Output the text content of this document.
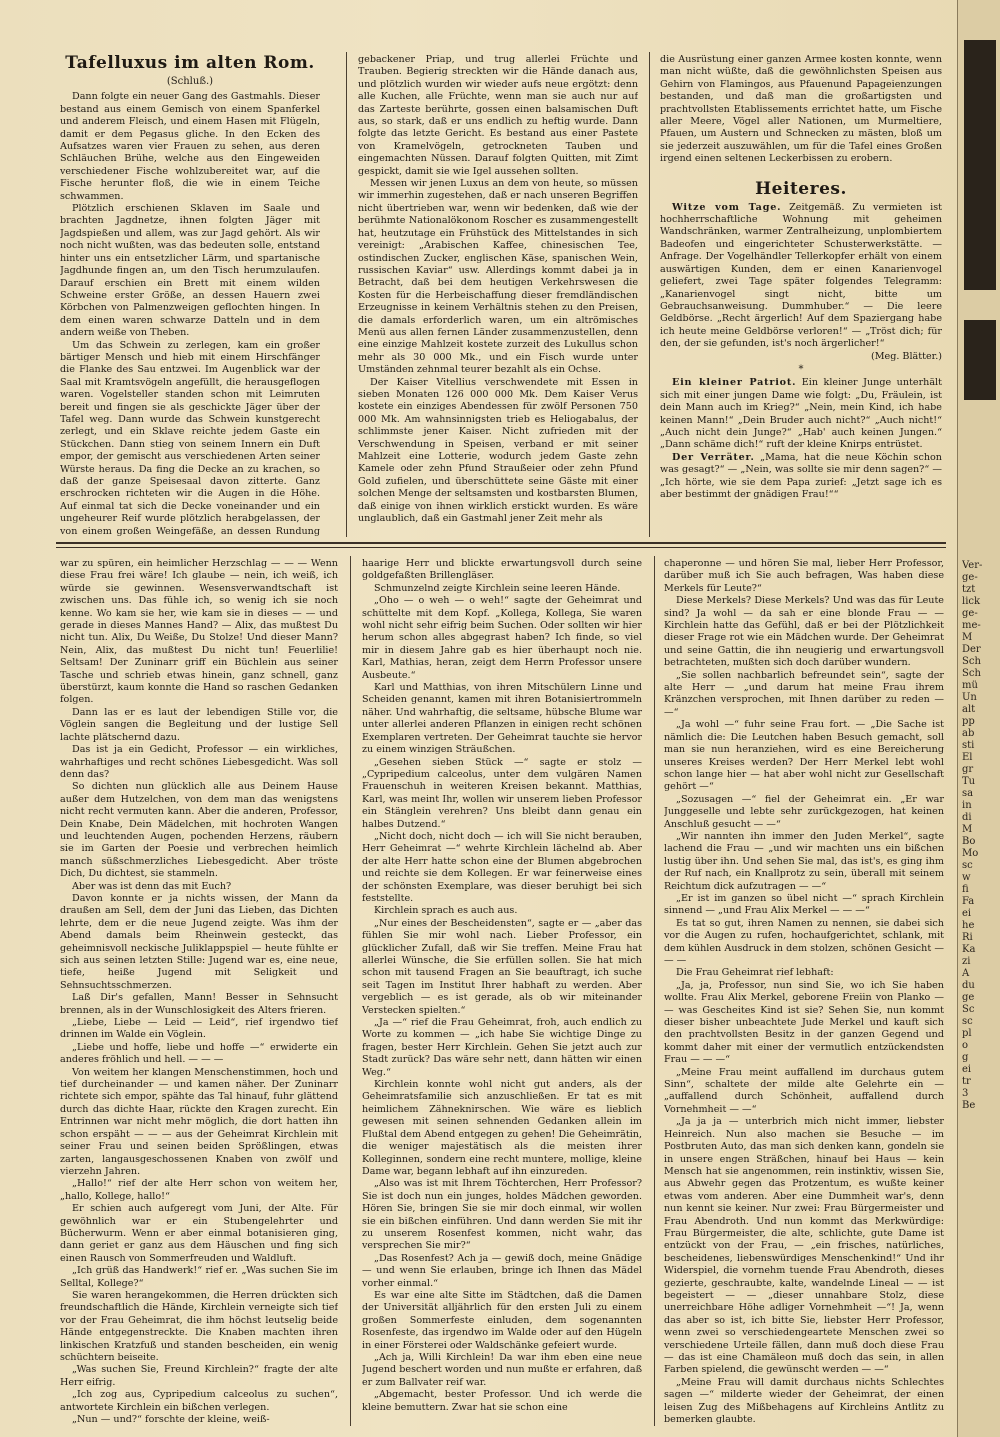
Tafelluxus im alten Rom.
(Schluß.)

Dann folgte ein neuer Gang des Gastmahls. Dieser bestand aus einem Gemisch von einem Spanferkel und anderem Fleisch, und einem Hasen mit Flügeln, damit er dem Pegasus gliche. In den Ecken des Aufsatzes waren vier Frauen zu sehen, aus deren Schläuchen Brühe, welche aus den Eingeweiden verschiedener Fische wohlzubereitet war, auf die Fische herunter floß, die wie in einem Teiche schwammen.

Plötzlich erschienen Sklaven im Saale und brachten Jagdnetze, ihnen folgten Jäger mit Jagdspießen und allem, was zur Jagd gehört. Als wir noch nicht wußten, was das bedeuten solle, entstand hinter uns ein entsetzlicher Lärm, und spartanische Jagdhunde fingen an, um den Tisch herumzulaufen. Darauf erschien ein Brett mit einem wilden Schweine erster Größe, an dessen Hauern zwei Körbchen von Palmenzweigen geflochten hingen. In dem einen waren schwarze Datteln und in dem andern weiße von Theben.

Um das Schwein zu zerlegen, kam ein großer bärtiger Mensch und hieb mit einem Hirschfänger die Flanke des Sau entzwei. Im Augenblick war der Saal mit Kramtsvögeln angefüllt, die herausgeflogen waren. Vogelsteller standen schon mit Leimruten bereit und fingen sie als geschickte Jäger über der Tafel weg. Dann wurde das Schwein kunstgerecht zerlegt, und ein Sklave reichte jedem Gaste ein Stückchen. Dann stieg von seinem Innern ein Duft empor, der gemischt aus verschiedenen Arten seiner Würste heraus. Da fing die Decke an zu krachen, so daß der ganze Speisesaal davon zitterte. Ganz erschrocken richteten wir die Augen in die Höhe. Auf einmal tat sich die Decke voneinander und ein ungeheurer Reif wurde plötzlich herabgelassen, der von einem großen Weingefäße, an dessen Rundung

gebackener Priap, und trug allerlei Früchte und Trauben. Begierig streckten wir die Hände danach aus, und plötzlich wurden wir wieder aufs neue ergötzt: denn alle Kuchen, alle Früchte, wenn man sie auch nur auf das Zarteste berührte, gossen einen balsamischen Duft aus, so stark, daß er uns endlich zu heftig wurde. Dann folgte das letzte Gericht. Es bestand aus einer Pastete von Kramelvögeln, getrockneten Tauben und eingemachten Nüssen. Darauf folgten Quitten, mit Zimt gespickt, damit sie wie Igel aussehen sollten.

Messen wir jenen Luxus an dem von heute, so müssen wir immerhin zugestehen, daß er nach unseren Begriffen nicht übertrieben war, wenn wir bedenken, daß wie der berühmte Nationalökonom Roscher es zusammengestellt hat, heutzutage ein Frühstück des Mittelstandes in sich vereinigt: „Arabischen Kaffee, chinesischen Tee, ostindischen Zucker, englischen Käse, spanischen Wein, russischen Kaviar“ usw. Allerdings kommt dabei ja in Betracht, daß bei dem heutigen Verkehrswesen die Kosten für die Herbeischaffung dieser fremdländischen Erzeugnisse in keinem Verhältnis stehen zu den Preisen, die damals erforderlich waren, um ein altrömisches Menü aus allen fernen Länder zusammenzustellen, denn eine einzige Mahlzeit kostete zurzeit des Lukullus schon mehr als 30 000 Mk., und ein Fisch wurde unter Umständen zehnmal teurer bezahlt als ein Ochse.

Der Kaiser Vitellius verschwendete mit Essen in sieben Monaten 126 000 000 Mk. Dem Kaiser Verus kostete ein einziges Abendessen für zwölf Personen 750 000 Mk. Am wahnsinnigsten trieb es Heliogabalus, der schlimmste jener Kaiser. Nicht zufrieden mit der Verschwendung in Speisen, verband er mit seiner Mahlzeit eine Lotterie, wodurch jedem Gaste zehn Kamele oder zehn Pfund Straußeier oder zehn Pfund Gold zufielen, und überschüttete seine Gäste mit einer solchen Menge der seltsamsten und kostbarsten Blumen, daß einige von ihnen wirklich erstickt wurden. Es wäre unglaublich, daß ein Gastmahl jener Zeit mehr als

die Ausrüstung einer ganzen Armee kosten konnte, wenn man nicht wüßte, daß die gewöhnlichsten Speisen aus Gehirn von Flamingos, aus Pfauenund Papageienzungen bestanden, und daß man die großartigsten und prachtvollsten Etablissements errichtet hatte, um Fische aller Meere, Vögel aller Nationen, um Murmeltiere, Pfauen, um Austern und Schnecken zu mästen, bloß um sie jederzeit auszuwählen, um für die Tafel eines Großen irgend einen seltenen Leckerbissen zu erobern.

Heiteres.

Witze vom Tage. Zeitgemäß. Zu vermieten ist hochherrschaftliche Wohnung mit geheimen Wandschränken, warmer Zentralheizung, unplombiertem Badeofen und eingerichteter Schusterwerkstätte. — Anfrage. Der Vogelhändler Tellerkopfer erhält von einem auswärtigen Kunden, dem er einen Kanarienvogel geliefert, zwei Tage später folgendes Telegramm: „Kanarienvogel singt nicht, bitte um Gebrauchsanweisung. Dummhuber.“ — Die leere Geldbörse. „Recht ärgerlich! Auf dem Spaziergang habe ich heute meine Geldbörse verloren!“ — „Tröst dich; für den, der sie gefunden, ist's noch ärgerlicher!“

(Meg. Blätter.)
*

Ein kleiner Patriot. Ein kleiner Junge unterhält sich mit einer jungen Dame wie folgt: „Du, Fräulein, ist dein Mann auch im Krieg?“ „Nein, mein Kind, ich habe keinen Mann!“ „Dein Bruder auch nicht?“ „Auch nicht!“ „Auch nicht dein Junge?“ „Hab' auch keinen Jungen.“ „Dann schäme dich!“ ruft der kleine Knirps entrüstet.

Der Verräter. „Mama, hat die neue Köchin schon was gesagt?“ — „Nein, was sollte sie mir denn sagen?“ — „Ich hörte, wie sie dem Papa zurief: „Jetzt sage ich es aber bestimmt der gnädigen Frau!““

war zu spüren, ein heimlicher Herzschlag — — — Wenn diese Frau frei wäre! Ich glaube — nein, ich weiß, ich würde sie gewinnen. Wesensverwandtschaft ist zwischen uns. Das fühle ich, so wenig ich sie noch kenne. Wo kam sie her, wie kam sie in dieses — — und gerade in dieses Mannes Hand? — Alix, das mußtest Du nicht tun. Alix, Du Weiße, Du Stolze! Und dieser Mann? Nein, Alix, das mußtest Du nicht tun! Feuerlilie! Seltsam! Der Zuninarr griff ein Büchlein aus seiner Tasche und schrieb etwas hinein, ganz schnell, ganz überstürzt, kaum konnte die Hand so raschen Gedanken folgen.

Dann las er es laut der lebendigen Stille vor, die Vöglein sangen die Begleitung und der lustige Sell lachte plätschernd dazu.

Das ist ja ein Gedicht, Professor — ein wirkliches, wahrhaftiges und recht schönes Liebesgedicht. Was soll denn das?

So dichten nun glücklich alle aus Deinem Hause außer dem Hutzelchen, von dem man das wenigstens nicht recht vermuten kann. Aber die anderen, Professor, Dein Knabe, Dein Mädelchen, mit hochroten Wangen und leuchtenden Augen, pochenden Herzens, räubern sie im Garten der Poesie und verbrechen heimlich manch süßschmerzliches Liebesgedicht. Aber tröste Dich, Du dichtest, sie stammeln.

Aber was ist denn das mit Euch?

Davon konnte er ja nichts wissen, der Mann da draußen am Sell, dem der Juni das Lieben, das Dichten lehrte, dem er die neue Jugend zeigte. Was ihm der Abend damals beim Rheinwein gesteckt, das geheimnisvoll neckische Juliklappspiel — heute fühlte er sich aus seinen letzten Stille: Jugend war es, eine neue, tiefe, heiße Jugend mit Seligkeit und Sehnsuchtsschmerzen.

Laß Dir's gefallen, Mann! Besser in Sehnsucht brennen, als in der Wunschlosigkeit des Alters frieren.

„Liebe, Liebe — Leid — Leid“, rief irgendwo tief drinnen im Walde ein Vöglein.

„Liebe und hoffe, liebe und hoffe —“ erwiderte ein anderes fröhlich und hell. — — —

Von weitem her klangen Menschenstimmen, hoch und tief durcheinander — und kamen näher. Der Zuninarr richtete sich empor, spähte das Tal hinauf, fuhr glättend durch das dichte Haar, rückte den Kragen zurecht. Ein Entrinnen war nicht mehr möglich, die dort hatten ihn schon erspäht — — — aus der Geheimrat Kirchlein mit seiner Frau und seinen beiden Sprößlingen, etwas zarten, langausgeschossenen Knaben von zwölf und vierzehn Jahren.

„Hallo!“ rief der alte Herr schon von weitem her, „hallo, Kollege, hallo!“

Er schien auch aufgeregt vom Juni, der Alte. Für gewöhnlich war er ein Stubengelehrter und Bücherwurm. Wenn er aber einmal botanisieren ging, dann geriet er ganz aus dem Häuschen und fing sich einen Rausch von Sommerfreuden und Waldluft.

„Ich grüß das Handwerk!“ rief er. „Was suchen Sie im Selltal, Kollege?“

Sie waren herangekommen, die Herren drückten sich freundschaftlich die Hände, Kirchlein verneigte sich tief vor der Frau Geheimrat, die ihm höchst leutselig beide Hände entgegenstreckte. Die Knaben machten ihren linkischen Kratzfuß und standen bescheiden, ein wenig schüchtern beiseite.

„Was suchen Sie, Freund Kirchlein?“ fragte der alte Herr eifrig.

„Ich zog aus, Cypripedium calceolus zu suchen“, antwortete Kirchlein ein bißchen verlegen.

„Nun — und?“ forschte der kleine, weiß-

haarige Herr und blickte erwartungsvoll durch seine goldgefaßten Brillengläser.

Schmunzelnd zeigte Kirchlein seine leeren Hände.

„Oho — o weh — o weh!“ sagte der Geheimrat und schüttelte mit dem Kopf. „Kollega, Kollega, Sie waren wohl nicht sehr eifrig beim Suchen. Oder sollten wir hier herum schon alles abgegrast haben? Ich finde, so viel mir in diesem Jahre gab es hier überhaupt noch nie. Karl, Mathias, heran, zeigt dem Herrn Professor unsere Ausbeute.“

Karl und Matthias, von ihren Mitschülern Linne und Scheiden genannt, kamen mit ihren Botanisiertrommeln näher. Und wahrhaftig, die seltsame, hübsche Blume war unter allerlei anderen Pflanzen in einigen recht schönen Exemplaren vertreten. Der Geheimrat tauchte sie hervor zu einem winzigen Sträußchen.

„Gesehen sieben Stück —“ sagte er stolz — „Cypripedium calceolus, unter dem vulgären Namen Frauenschuh in weiteren Kreisen bekannt. Matthias, Karl, was meint Ihr, wollen wir unserem lieben Professor ein Stänglein verehren? Uns bleibt dann genau ein halbes Dutzend.“

„Nicht doch, nicht doch — ich will Sie nicht berauben, Herr Geheimrat —“ wehrte Kirchlein lächelnd ab. Aber der alte Herr hatte schon eine der Blumen abgebrochen und reichte sie dem Kollegen. Er war feinerweise eines der schönsten Exemplare, was dieser beruhigt bei sich feststellte.

Kirchlein sprach es auch aus.

„Nur eines der Bescheidensten“, sagte er — „aber das fühlen Sie mir wohl nach. Lieber Professor, ein glücklicher Zufall, daß wir Sie treffen. Meine Frau hat allerlei Wünsche, die Sie erfüllen sollen. Sie hat mich schon mit tausend Fragen an Sie beauftragt, ich suche seit Tagen im Institut Ihrer habhaft zu werden. Aber vergeblich — es ist gerade, als ob wir miteinander Verstecken spielten.“

„Ja —“ rief die Frau Geheimrat, froh, auch endlich zu Worte zu kommen — „ich habe Sie wichtige Dinge zu fragen, bester Herr Kirchlein. Gehen Sie jetzt auch zur Stadt zurück? Das wäre sehr nett, dann hätten wir einen Weg.“

Kirchlein konnte wohl nicht gut anders, als der Geheimratsfamilie sich anzuschließen. Er tat es mit heimlichem Zähneknirschen. Wie wäre es lieblich gewesen mit seinen sehnenden Gedanken allein im Flußtal dem Abend entgegen zu gehen! Die Geheimrätin, die weniger majestätisch als die meisten ihrer Kolleginnen, sondern eine recht muntere, mollige, kleine Dame war, begann lebhaft auf ihn einzureden.

„Also was ist mit Ihrem Töchterchen, Herr Professor? Sie ist doch nun ein junges, holdes Mädchen geworden. Hören Sie, bringen Sie sie mir doch einmal, wir wollen sie ein bißchen einführen. Und dann werden Sie mit ihr zu unserem Rosenfest kommen, nicht wahr, das versprechen Sie mir?“

„Das Rosenfest? Ach ja — gewiß doch, meine Gnädige — und wenn Sie erlauben, bringe ich Ihnen das Mädel vorher einmal.“

Es war eine alte Sitte im Städtchen, daß die Damen der Universität alljährlich für den ersten Juli zu einem großen Sommerfeste einluden, dem sogenannten Rosenfeste, das irgendwo im Walde oder auf den Hügeln in einer Försterei oder Waldschänke gefeiert wurde.

„Ach ja, Willi Kirchlein! Da war ihm eben eine neue Jugend beschert worden und nun mußte er erfahren, daß er zum Ballvater reif war.

„Abgemacht, bester Professor. Und ich werde die kleine bemuttern. Zwar hat sie schon eine

chaperonne — und hören Sie mal, lieber Herr Professor, darüber muß ich Sie auch befragen, Was haben diese Merkels für Leute?“

Diese Merkels? Diese Merkels? Und was das für Leute sind? Ja wohl — da sah er eine blonde Frau — — Kirchlein hatte das Gefühl, daß er bei der Plötzlichkeit dieser Frage rot wie ein Mädchen wurde. Der Geheimrat und seine Gattin, die ihn neugierig und erwartungsvoll betrachteten, mußten sich doch darüber wundern.

„Sie sollen nachbarlich befreundet sein“, sagte der alte Herr — „und darum hat meine Frau ihrem Kränzchen versprochen, mit Ihnen darüber zu reden — —“

„Ja wohl —“ fuhr seine Frau fort. — „Die Sache ist nämlich die: Die Leutchen haben Besuch gemacht, soll man sie nun heranziehen, wird es eine Bereicherung unseres Kreises werden? Der Herr Merkel lebt wohl schon lange hier — hat aber wohl nicht zur Gesellschaft gehört —“

„Sozusagen —“ fiel der Geheimrat ein. „Er war Junggeselle und lebte sehr zurückgezogen, hat keinen Anschluß gesucht — —“

„Wir nannten ihn immer den Juden Merkel“, sagte lachend die Frau — „und wir machten uns ein bißchen lustig über ihn. Und sehen Sie mal, das ist's, es ging ihm der Ruf nach, ein Knallprotz zu sein, überall mit seinem Reichtum dick aufzutragen — —“

„Er ist im ganzen so übel nicht —“ sprach Kirchlein sinnend — „und Frau Alix Merkel — — —“

Es tat so gut, ihren Namen zu nennen, sie dabei sich vor die Augen zu rufen, hochaufgerichtet, schlank, mit dem kühlen Ausdruck in dem stolzen, schönen Gesicht — — —

Die Frau Geheimrat rief lebhaft:

„Ja, ja, Professor, nun sind Sie, wo ich Sie haben wollte. Frau Alix Merkel, geborene Freiin von Planko — — was Gescheites Kind ist sie? Sehen Sie, nun kommt dieser bisher unbeachtete Jude Merkel und kauft sich den prachtvollsten Besitz in der ganzen Gegend und kommt daher mit einer der vermutlich entzückendsten Frau — — —“

„Meine Frau meint auffallend im durchaus gutem Sinn“, schaltete der milde alte Gelehrte ein — „auffallend durch Schönheit, auffallend durch Vornehmheit — —“

„Ja ja ja — unterbrich mich nicht immer, liebster Heinreich. Nun also machen sie Besuche — im Postbruten Auto, das man sich denken kann, gondeln sie in unsere engen Sträßchen, hinauf bei Haus — kein Mensch hat sie angenommen, rein instinktiv, wissen Sie, aus Abwehr gegen das Protzentum, es wußte keiner etwas vom anderen. Aber eine Dummheit war's, denn nun kennt sie keiner. Nur zwei: Frau Bürgermeister und Frau Abendroth. Und nun kommt das Merkwürdige: Frau Bürgermeister, die alte, schlichte, gute Dame ist entzückt von der Frau, — „ein frisches, natürliches, bescheidenes, liebenswürdiges Menschenkind!“ Und ihr Widerspiel, die vornehm tuende Frau Abendroth, dieses gezierte, geschraubte, kalte, wandelnde Lineal — — ist begeistert — — „dieser unnahbare Stolz, diese unerreichbare Höhe adliger Vornehmheit —“! Ja, wenn das aber so ist, ich bitte Sie, liebster Herr Professor, wenn zwei so verschiedengeartete Menschen zwei so verschiedene Urteile fällen, dann muß doch diese Frau — das ist eine Chamäleon muß doch das sein, in allen Farben spielend, die gewünscht werden — —“

„Meine Frau will damit durchaus nichts Schlechtes sagen —“ milderte wieder der Geheimrat, der einen leisen Zug des Mißbehagens auf Kirchleins Antlitz zu bemerken glaubte.

Ver-
ge-
tzt
lick
ge-
me-
M
Der
Sch
Sch
mü
Un
alt
pp
ab
sti
El
gr
Tu
sa
in
di
M
Bo
Mo
sc
w
fi
Fa
ei
he
Ri
Ka
zi
A
du
ge
Sc
sc
pl
o
g
ei
tr
3
Be
